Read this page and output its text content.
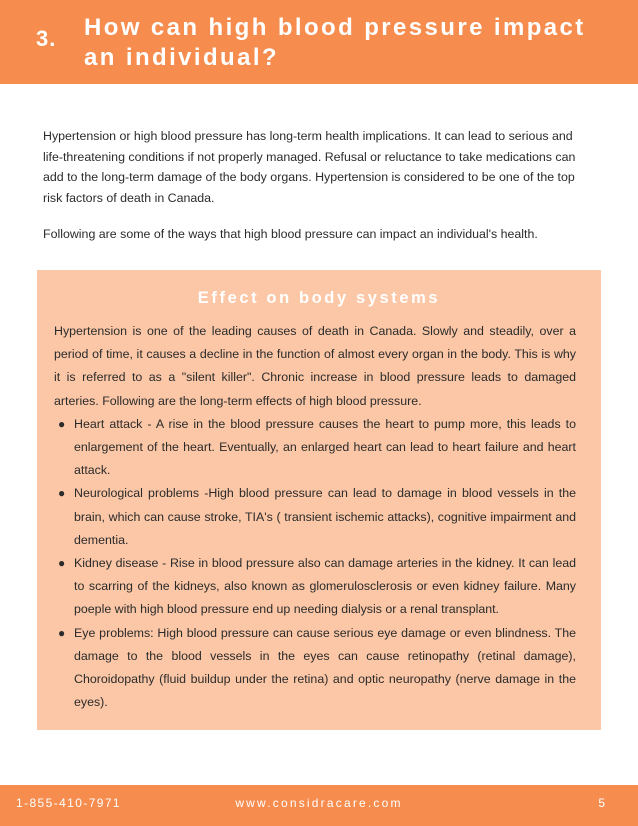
3. How can high blood pressure impact an individual?

Hypertension or high blood pressure has long-term health implications. It can lead to serious and life-threatening conditions if not properly managed. Refusal or reluctance to take medications can add to the long-term damage of the body organs. Hypertension is considered to be one of the top risk factors of death in Canada.

Following are some of the ways that high blood pressure can impact an individual's health.

Effect on body systems

Hypertension is one of the leading causes of death in Canada. Slowly and steadily, over a period of time, it causes a decline in the function of almost every organ in the body. This is why it is referred to as a "silent killer". Chronic increase in blood pressure leads to damaged arteries. Following are the long-term effects of high blood pressure.

● Heart attack - A rise in the blood pressure causes the heart to pump more, this leads to enlargement of the heart. Eventually, an enlarged heart can lead to heart failure and heart attack.
● Neurological problems -High blood pressure can lead to damage in blood vessels in the brain, which can cause stroke, TIA's ( transient ischemic attacks), cognitive impairment and dementia.
● Kidney disease - Rise in blood pressure also can damage arteries in the kidney. It can lead to scarring of the kidneys, also known as glomerulosclerosis or even kidney failure. Many poeple with high blood pressure end up needing dialysis or a renal transplant.
● Eye problems: High blood pressure can cause serious eye damage or even blindness. The damage to the blood vessels in the eyes can cause retinopathy (retinal damage), Choroidopathy (fluid buildup under the retina) and optic neuropathy (nerve damage in the eyes).
1-855-410-7971	www.considracare.com	5
